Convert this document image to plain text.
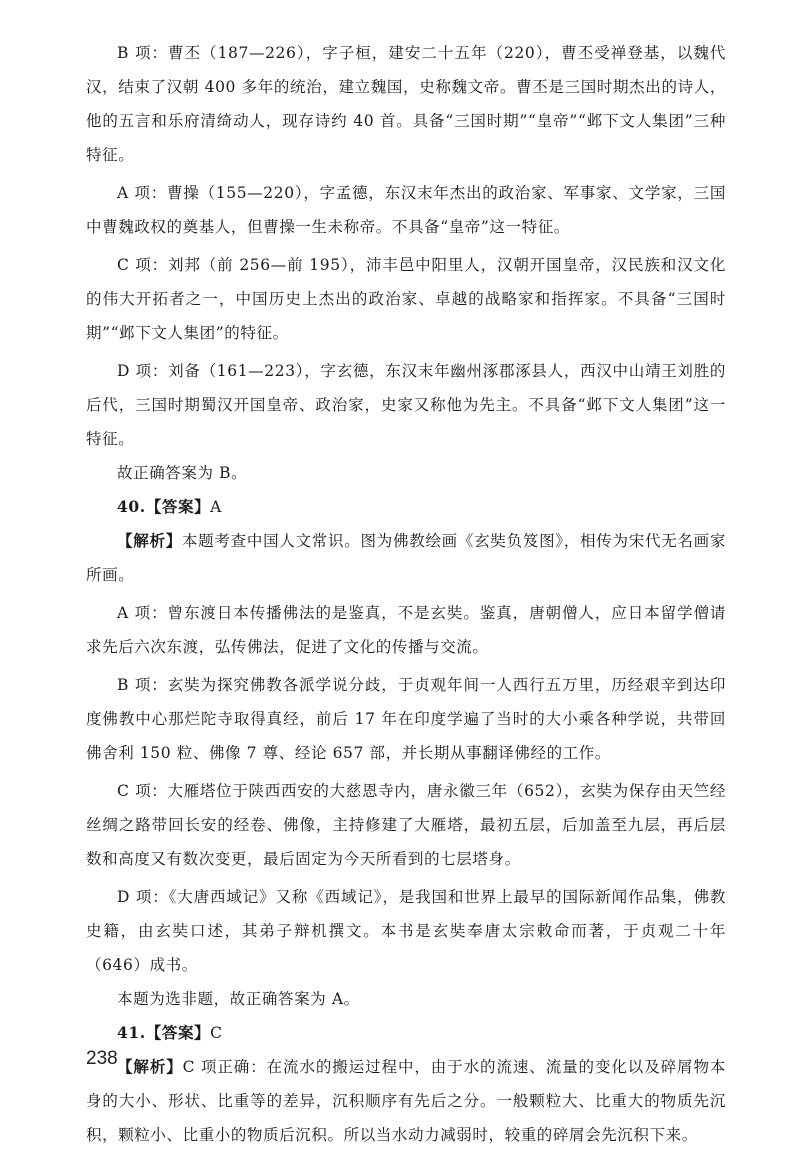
B 项：曹丕（187—226），字子桓，建安二十五年（220），曹丕受禅登基，以魏代汉，结束了汉朝 400 多年的统治，建立魏国，史称魏文帝。曹丕是三国时期杰出的诗人，他的五言和乐府清绮动人，现存诗约 40 首。具备“三国时期”“皇帝”“邺下文人集团”三种特征。

A 项：曹操（155—220），字孟德，东汉末年杰出的政治家、军事家、文学家，三国中曹魏政权的奠基人，但曹操一生未称帝。不具备“皇帝”这一特征。

C 项：刘邦（前 256—前 195），沛丰邑中阳里人，汉朝开国皇帝，汉民族和汉文化的伟大开拓者之一，中国历史上杰出的政治家、卓越的战略家和指挥家。不具备“三国时期”“邺下文人集团”的特征。

D 项：刘备（161—223），字玄德，东汉末年幽州涿郡涿县人，西汉中山靖王刘胜的后代，三国时期蜀汉开国皇帝、政治家，史家又称他为先主。不具备“邺下文人集团”这一特征。

故正确答案为 B。

40.【答案】A

【解析】本题考查中国人文常识。图为佛教绘画《玄奘负笈图》，相传为宋代无名画家所画。

A 项：曾东渡日本传播佛法的是鉴真，不是玄奘。鉴真，唐朝僧人，应日本留学僧请求先后六次东渡，弘传佛法，促进了文化的传播与交流。

B 项：玄奘为探究佛教各派学说分歧，于贞观年间一人西行五万里，历经艰辛到达印度佛教中心那烂陀寺取得真经，前后 17 年在印度学遍了当时的大小乘各种学说，共带回佛舍利 150 粒、佛像 7 尊、经论 657 部，并长期从事翻译佛经的工作。

C 项：大雁塔位于陕西西安的大慈恩寺内，唐永徽三年（652），玄奘为保存由天竺经丝绸之路带回长安的经卷、佛像，主持修建了大雁塔，最初五层，后加盖至九层，再后层数和高度又有数次变更，最后固定为今天所看到的七层塔身。

D 项：《大唐西域记》又称《西域记》，是我国和世界上最早的国际新闻作品集，佛教史籍，由玄奘口述，其弟子辩机撰文。本书是玄奘奉唐太宗敕命而著，于贞观二十年（646）成书。

本题为选非题，故正确答案为 A。

41.【答案】C

【解析】C 项正确：在流水的搬运过程中，由于水的流速、流量的变化以及碎屑物本身的大小、形状、比重等的差异，沉积顺序有先后之分。一般颗粒大、比重大的物质先沉积，颗粒小、比重小的物质后沉积。所以当水动力减弱时，较重的碎屑会先沉积下来。

238
